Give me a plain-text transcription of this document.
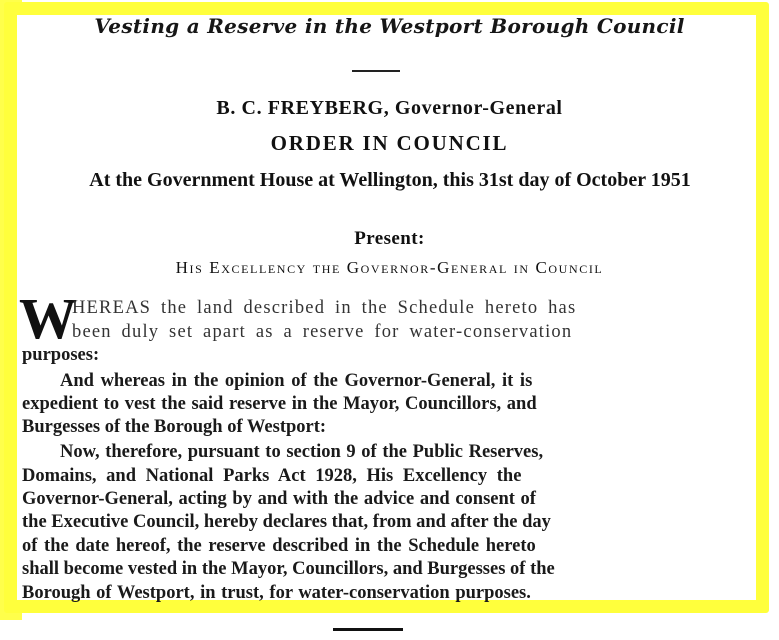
Vesting a Reserve in the Westport Borough Council
B. C. FREYBERG, Governor-General
ORDER IN COUNCIL
At the Government House at Wellington, this 31st day of October 1951
Present:
His Excellency the Governor-General in Council
W
HEREAS the land described in the Schedule hereto has
been duly set apart as a reserve for water-conservation
purposes:
And whereas in the opinion of the Governor-General, it is
expedient to vest the said reserve in the Mayor, Councillors, and
Burgesses of the Borough of Westport:
Now, therefore, pursuant to section 9 of the Public Reserves,
Domains, and National Parks Act 1928, His Excellency the
Governor-General, acting by and with the advice and consent of
the Executive Council, hereby declares that, from and after the day
of the date hereof, the reserve described in the Schedule hereto
shall become vested in the Mayor, Councillors, and Burgesses of the
Borough of Westport, in trust, for water-conservation purposes.
